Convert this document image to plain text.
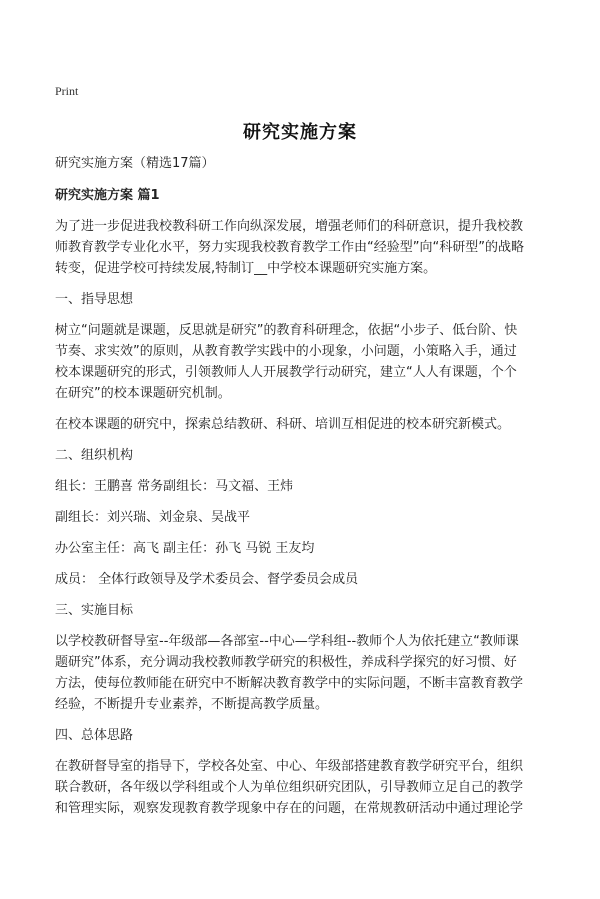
Print
研究实施方案

研究实施方案（精选17篇）

研究实施方案 篇1

为了进一步促进我校教科研工作向纵深发展，增强老师们的科研意识，提升我校教
师教育教学专业化水平，努力实现我校教育教学工作由“经验型”向“科研型”的战略
转变，促进学校可持续发展,特制订__中学校本课题研究实施方案。

一、指导思想

树立“问题就是课题，反思就是研究”的教育科研理念，依据“小步子、低台阶、快
节奏、求实效”的原则，从教育教学实践中的小现象，小问题，小策略入手，通过
校本课题研究的形式，引领教师人人开展教学行动研究，建立“人人有课题，个个
在研究”的校本课题研究机制。

在校本课题的研究中，探索总结教研、科研、培训互相促进的校本研究新模式。

二、组织机构

组长：王鹏喜 常务副组长：马文福、王炜

副组长：刘兴瑞、刘金泉、吴战平

办公室主任：高飞 副主任：孙飞 马锐 王友均

成员： 全体行政领导及学术委员会、督学委员会成员

三、实施目标

以学校教研督导室--年级部—各部室--中心—学科组--教师个人为依托建立“教师课
题研究”体系，充分调动我校教师教学研究的积极性，养成科学探究的好习惯、好
方法，使每位教师能在研究中不断解决教育教学中的实际问题，不断丰富教育教学
经验，不断提升专业素养，不断提高教学质量。

四、总体思路

在教研督导室的指导下，学校各处室、中心、年级部搭建教育教学研究平台，组织
联合教研，各年级以学科组或个人为单位组织研究团队，引导教师立足自己的教学
和管理实际，观察发现教育教学现象中存在的问题，在常规教研活动中通过理论学
